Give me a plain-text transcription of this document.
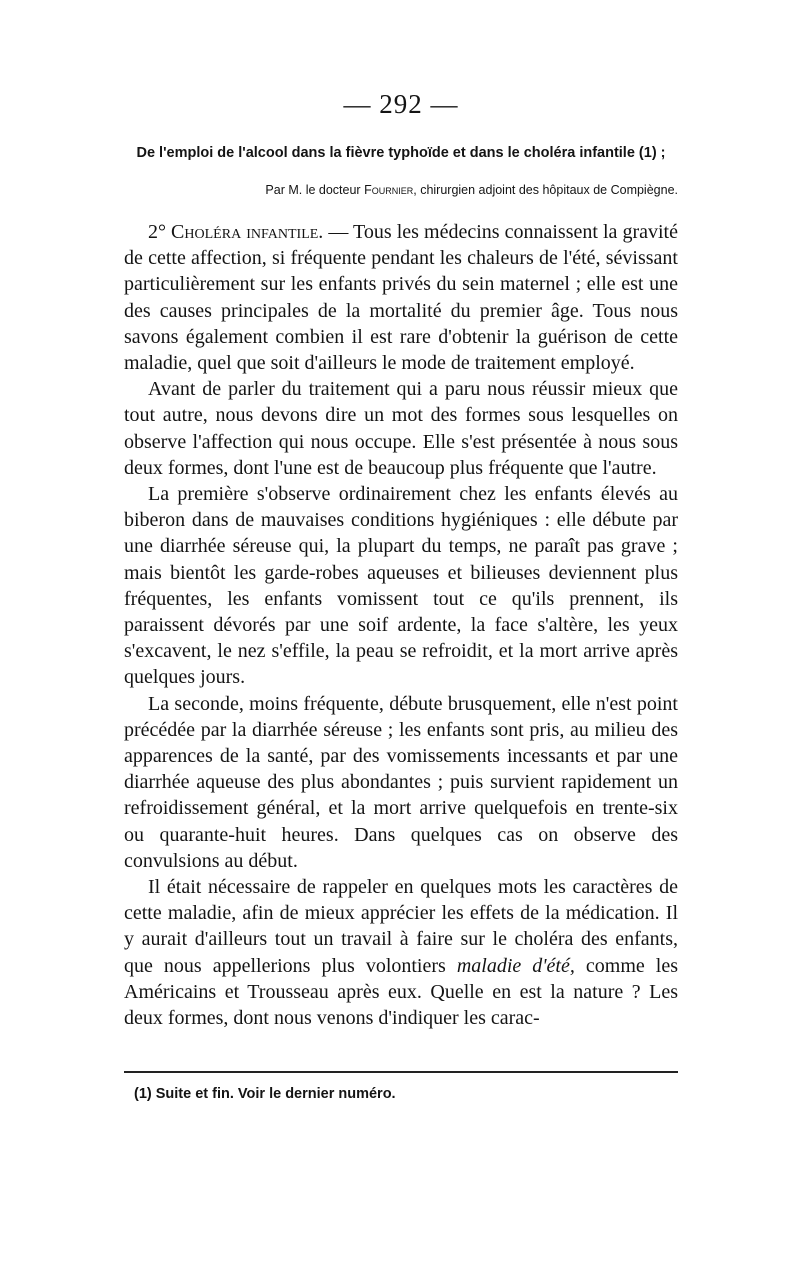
— 292 —
De l'emploi de l'alcool dans la fièvre typhoïde et dans le choléra infantile (1) ;
Par M. le docteur Fournier, chirurgien adjoint des hôpitaux de Compiègne.

2° Choléra infantile. — Tous les médecins connaissent la gravité de cette affection, si fréquente pendant les chaleurs de l'été, sévissant particulièrement sur les enfants privés du sein maternel ; elle est une des causes principales de la mortalité du premier âge. Tous nous savons également combien il est rare d'obtenir la guérison de cette maladie, quel que soit d'ailleurs le mode de traitement employé.

Avant de parler du traitement qui a paru nous réussir mieux que tout autre, nous devons dire un mot des formes sous lesquelles on observe l'affection qui nous occupe. Elle s'est présentée à nous sous deux formes, dont l'une est de beaucoup plus fréquente que l'autre.

La première s'observe ordinairement chez les enfants élevés au biberon dans de mauvaises conditions hygiéniques : elle débute par une diarrhée séreuse qui, la plupart du temps, ne paraît pas grave ; mais bientôt les garde-robes aqueuses et bilieuses deviennent plus fréquentes, les enfants vomissent tout ce qu'ils prennent, ils paraissent dévorés par une soif ardente, la face s'altère, les yeux s'excavent, le nez s'effile, la peau se refroidit, et la mort arrive après quelques jours.

La seconde, moins fréquente, débute brusquement, elle n'est point précédée par la diarrhée séreuse ; les enfants sont pris, au milieu des apparences de la santé, par des vomissements incessants et par une diarrhée aqueuse des plus abondantes ; puis survient rapidement un refroidissement général, et la mort arrive quelquefois en trente-six ou quarante-huit heures. Dans quelques cas on observe des convulsions au début.

Il était nécessaire de rappeler en quelques mots les caractères de cette maladie, afin de mieux apprécier les effets de la médication. Il y aurait d'ailleurs tout un travail à faire sur le choléra des enfants, que nous appellerions plus volontiers maladie d'été, comme les Américains et Trousseau après eux. Quelle en est la nature ? Les deux formes, dont nous venons d'indiquer les carac-

(1) Suite et fin. Voir le dernier numéro.
